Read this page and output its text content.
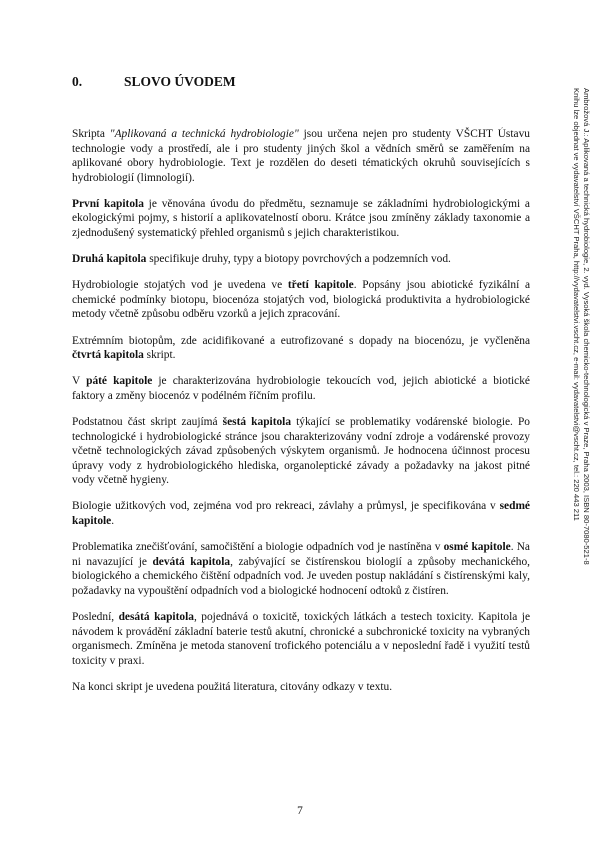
0.	SLOVO ÚVODEM

Skripta "Aplikovaná a technická hydrobiologie" jsou určena nejen pro studenty VŠCHT Ústavu technologie vody a prostředí, ale i pro studenty jiných škol a vědních směrů se zaměřením na aplikované obory hydrobiologie. Text je rozdělen do deseti tématických okruhů souvisejících s hydrobiologií (limnologií).

První kapitola je věnována úvodu do předmětu, seznamuje se základními hydrobiologickými a ekologickými pojmy, s historií a aplikovatelností oboru. Krátce jsou zmíněny základy taxonomie a zjednodušený systematický přehled organismů s jejich charakteristikou.

Druhá kapitola specifikuje druhy, typy a biotopy povrchových a podzemních vod.

Hydrobiologie stojatých vod je uvedena ve třetí kapitole. Popsány jsou abiotické fyzikální a chemické podmínky biotopu, biocenóza stojatých vod, biologická produktivita a hydrobiologické metody včetně způsobu odběru vzorků a jejich zpracování.

Extrémním biotopům, zde acidifikované a eutrofizované s dopady na biocenózu, je vyčleněna čtvrtá kapitola skript.

V páté kapitole je charakterizována hydrobiologie tekoucích vod, jejich abiotické a biotické faktory a změny biocenóz v podélném říčním profilu.

Podstatnou část skript zaujímá šestá kapitola týkající se problematiky vodárenské biologie. Po technologické i hydrobiologické stránce jsou charakterizovány vodní zdroje a vodárenské provozy včetně technologických závad způsobených výskytem organismů. Je hodnocena účinnost procesu úpravy vody z hydrobiologického hlediska, organoleptické závady a požadavky na jakost pitné vody včetně hygieny.

Biologie užitkových vod, zejména vod pro rekreaci, závlahy a průmysl, je specifikována v sedmé kapitole.

Problematika znečišťování, samočištění a biologie odpadních vod je nastíněna v osmé kapitole. Na ni navazující je devátá kapitola, zabývající se čistírenskou biologií a způsoby mechanického, biologického a chemického čištění odpadních vod. Je uveden postup nakládání s čistírenskými kaly, požadavky na vypouštění odpadních vod a biologické hodnocení odtoků z čistíren.

Poslední, desátá kapitola, pojednává o toxicitě, toxických látkách a testech toxicity. Kapitola je návodem k provádění základní baterie testů akutní, chronické a subchronické toxicity na vybraných organismech. Zmíněna je metoda stanovení trofického potenciálu a v neposlední řadě i využití testů toxicity v praxi.

Na konci skript je uvedena použitá literatura, citovány odkazy v textu.

Ambrožová J.: Aplikovaná a technická hydrobiologie, 2. vyd. Vysoká škola chemicko-technologická v Praze, Praha 2003, ISBN 80-7080-521-8
Knihu lze objednat ve vydavatelství VŠCHT Praha, http://vydavatelstvi.vscht.cz, e-mail: vydavatelstvi@vscht.cz, tel.: 220 443 211
7
